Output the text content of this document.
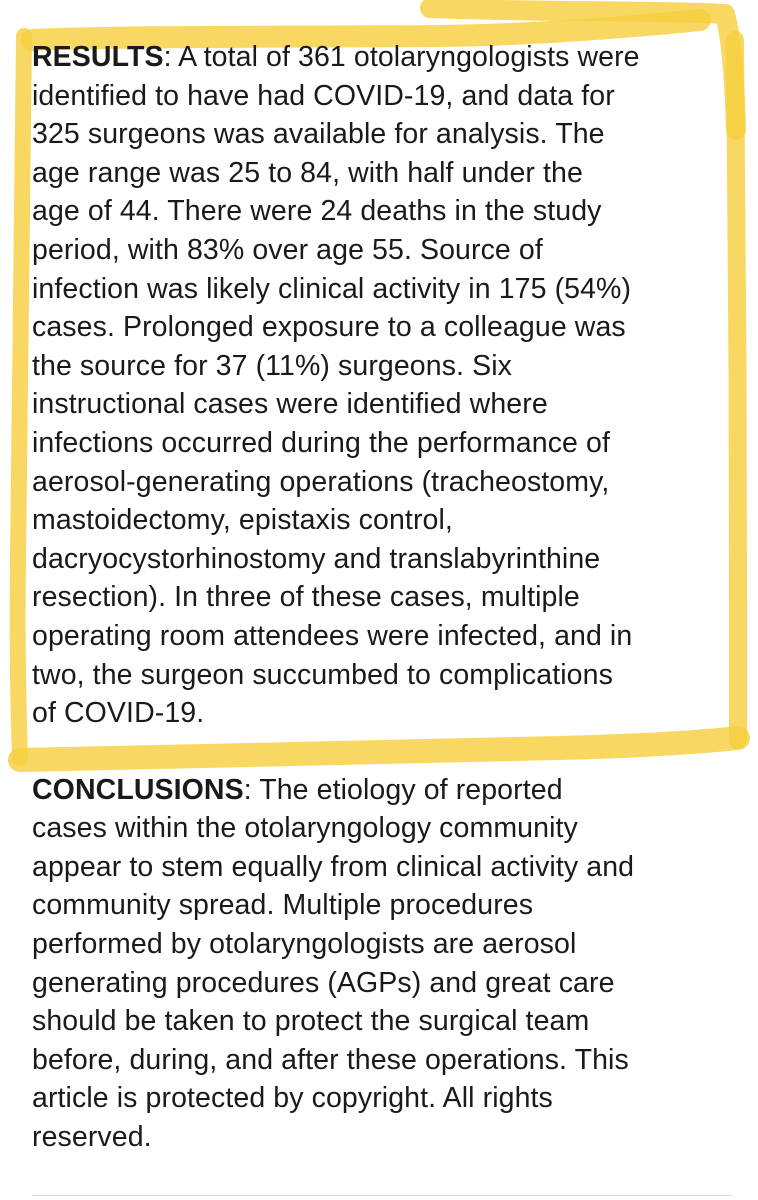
RESULTS: A total of 361 otolaryngologists were
identified to have had COVID-19, and data for
325 surgeons was available for analysis. The
age range was 25 to 84, with half under the
age of 44. There were 24 deaths in the study
period, with 83% over age 55. Source of
infection was likely clinical activity in 175 (54%)
cases. Prolonged exposure to a colleague was
the source for 37 (11%) surgeons. Six
instructional cases were identified where
infections occurred during the performance of
aerosol-generating operations (tracheostomy,
mastoidectomy, epistaxis control,
dacryocystorhinostomy and translabyrinthine
resection). In three of these cases, multiple
operating room attendees were infected, and in
two, the surgeon succumbed to complications
of COVID-19.

CONCLUSIONS: The etiology of reported
cases within the otolaryngology community
appear to stem equally from clinical activity and
community spread. Multiple procedures
performed by otolaryngologists are aerosol
generating procedures (AGPs) and great care
should be taken to protect the surgical team
before, during, and after these operations. This
article is protected by copyright. All rights
reserved.
